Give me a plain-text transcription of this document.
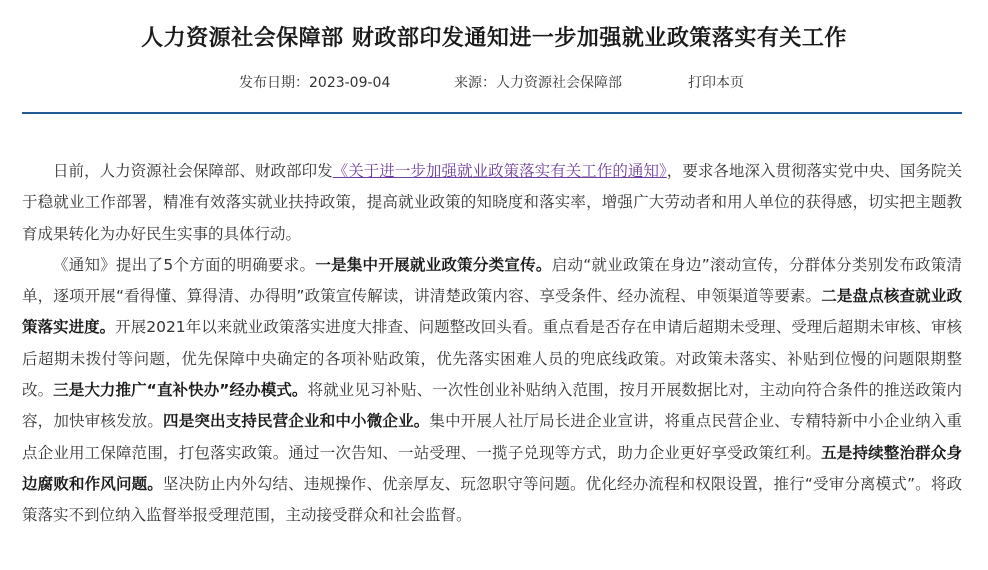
人力资源社会保障部 财政部印发通知进一步加强就业政策落实有关工作
发布日期：2023-09-04	来源：人力资源社会保障部	打印本页

日前，人力资源社会保障部、财政部印发《关于进一步加强就业政策落实有关工作的通知》，要求各地深入贯彻落实党中央、国务院关于稳就业工作部署，精准有效落实就业扶持政策，提高就业政策的知晓度和落实率，增强广大劳动者和用人单位的获得感，切实把主题教育成果转化为办好民生实事的具体行动。

《通知》提出了5个方面的明确要求。一是集中开展就业政策分类宣传。启动“就业政策在身边”滚动宣传，分群体分类别发布政策清单，逐项开展“看得懂、算得清、办得明”政策宣传解读，讲清楚政策内容、享受条件、经办流程、申领渠道等要素。二是盘点核查就业政策落实进度。开展2021年以来就业政策落实进度大排查、问题整改回头看。重点看是否存在申请后超期未受理、受理后超期未审核、审核后超期未拨付等问题，优先保障中央确定的各项补贴政策，优先落实困难人员的兜底线政策。对政策未落实、补贴到位慢的问题限期整改。三是大力推广“直补快办”经办模式。将就业见习补贴、一次性创业补贴纳入范围，按月开展数据比对，主动向符合条件的推送政策内容，加快审核发放。四是突出支持民营企业和中小微企业。集中开展人社厅局长进企业宣讲，将重点民营企业、专精特新中小企业纳入重点企业用工保障范围，打包落实政策。通过一次告知、一站受理、一揽子兑现等方式，助力企业更好享受政策红利。五是持续整治群众身边腐败和作风问题。坚决防止内外勾结、违规操作、优亲厚友、玩忽职守等问题。优化经办流程和权限设置，推行“受审分离模式”。将政策落实不到位纳入监督举报受理范围，主动接受群众和社会监督。
